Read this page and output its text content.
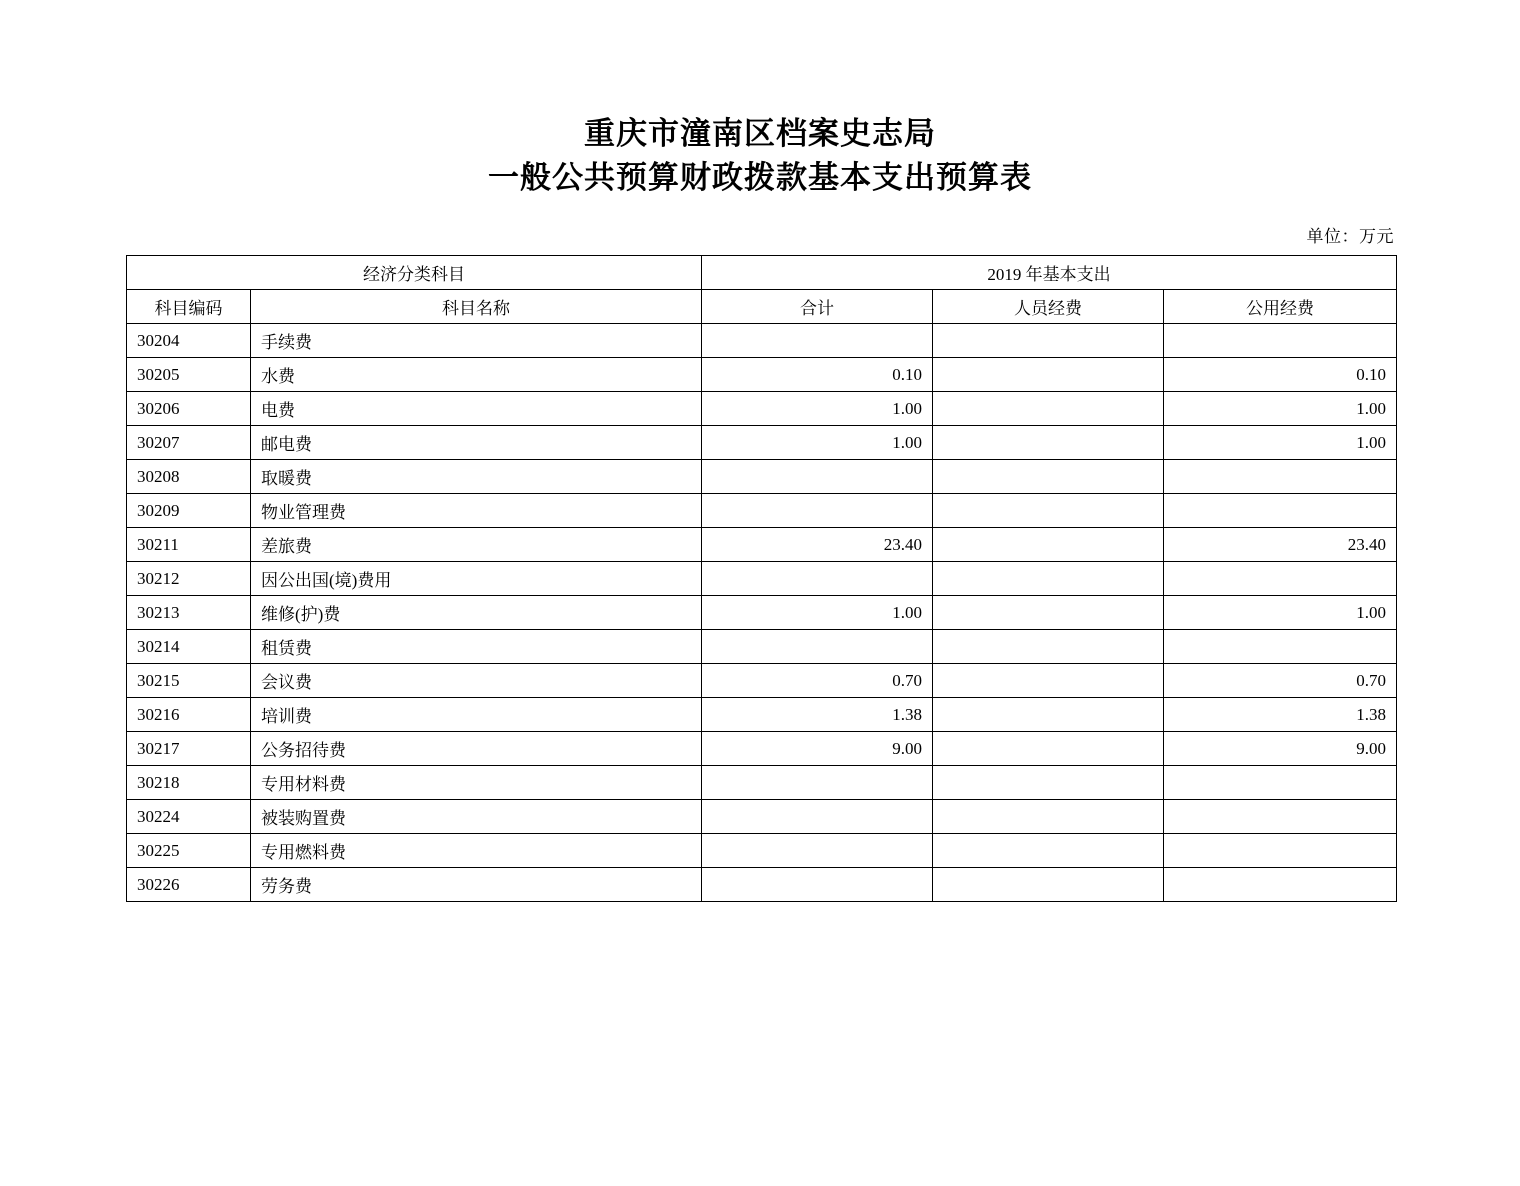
重庆市潼南区档案史志局
一般公共预算财政拨款基本支出预算表
单位：万元
经济分类科目		2019 年基本支出		
科目编码	科目名称	合计	人员经费	公用经费
30204	手续费			
30205	水费	0.10		0.10
30206	电费	1.00		1.00
30207	邮电费	1.00		1.00
30208	取暖费			
30209	物业管理费			
30211	差旅费	23.40		23.40
30212	因公出国(境)费用			
30213	维修(护)费	1.00		1.00
30214	租赁费			
30215	会议费	0.70		0.70
30216	培训费	1.38		1.38
30217	公务招待费	9.00		9.00
30218	专用材料费			
30224	被装购置费			
30225	专用燃料费			
30226	劳务费			
